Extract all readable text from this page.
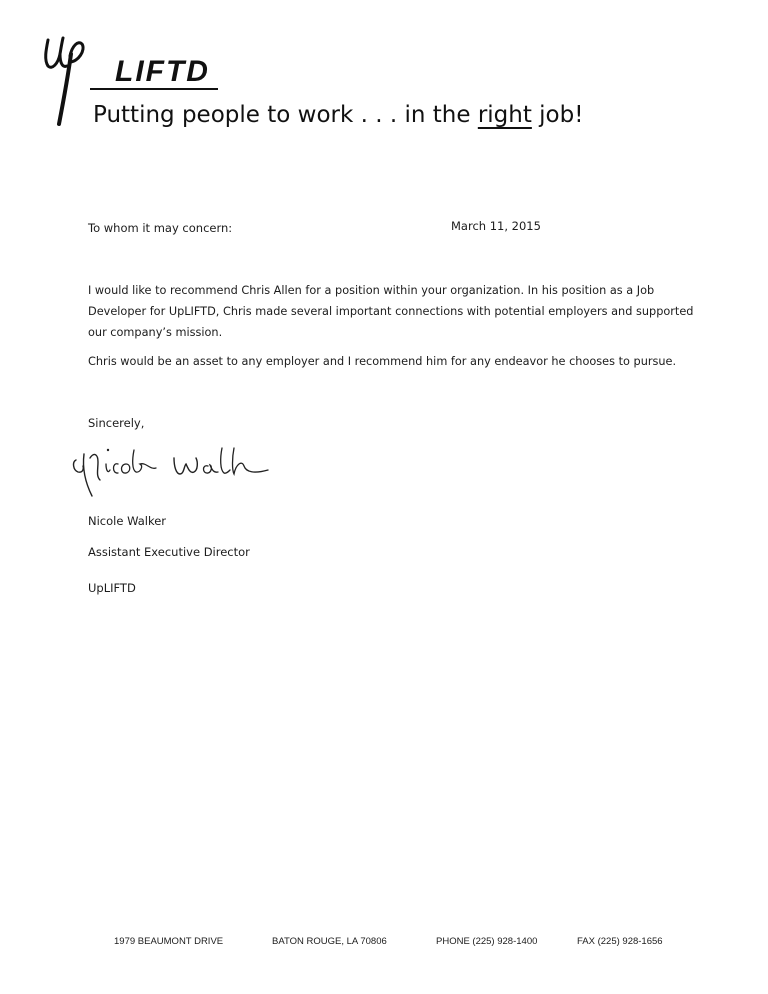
LIFTD
Putting people to work . . . in the right job!
To whom it may concern:	March 11, 2015

I would like to recommend Chris Allen for a position within your organization. In his position as a Job Developer for UpLIFTD, Chris made several important connections with potential employers and supported our company’s mission.

Chris would be an asset to any employer and I recommend him for any endeavor he chooses to pursue.

Sincerely,
Nicole Walker
Assistant Executive Director
UpLIFTD
1979 BEAUMONT DRIVE	BATON ROUGE, LA 70806	PHONE (225) 928-1400	FAX (225) 928-1656
